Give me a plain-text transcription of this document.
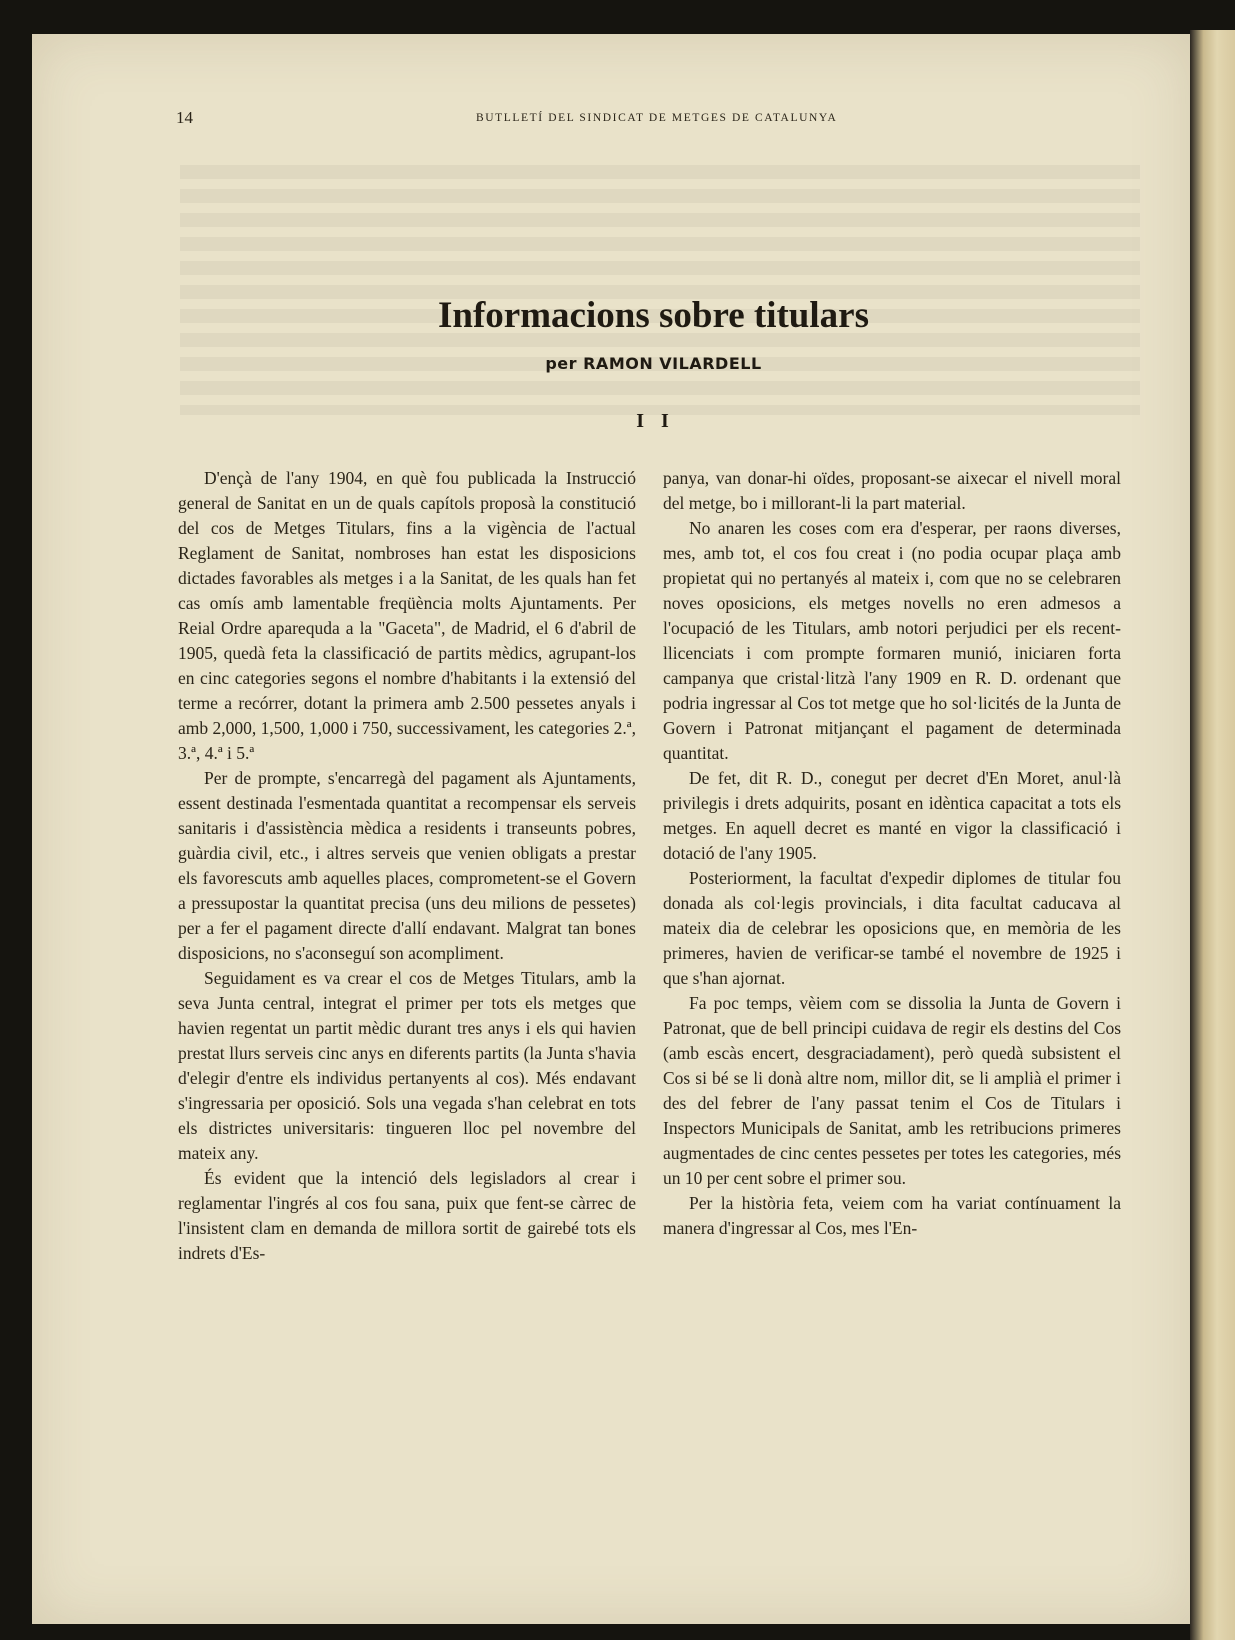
14	BUTLLETÍ DEL SINDICAT DE METGES DE CATALUNYA
Informacions sobre titulars
per RAMON VILARDELL
I I

D'ençà de l'any 1904, en què fou publicada la Instrucció general de Sanitat en un de quals capítols proposà la constitució del cos de Metges Titulars, fins a la vigència de l'actual Reglament de Sanitat, nombroses han estat les disposicions dictades favorables als metges i a la Sanitat, de les quals han fet cas omís amb lamentable freqüència molts Ajuntaments. Per Reial Ordre aparequda a la "Gaceta", de Madrid, el 6 d'abril de 1905, quedà feta la classificació de partits mèdics, agrupant-los en cinc categories segons el nombre d'habitants i la extensió del terme a recórrer, dotant la primera amb 2.500 pessetes anyals i amb 2,000, 1,500, 1,000 i 750, successivament, les categories 2.ª, 3.ª, 4.ª i 5.ª

Per de prompte, s'encarregà del pagament als Ajuntaments, essent destinada l'esmentada quantitat a recompensar els serveis sanitaris i d'assistència mèdica a residents i transeunts pobres, guàrdia civil, etc., i altres serveis que venien obligats a prestar els favorescuts amb aquelles places, comprometent-se el Govern a pressupostar la quantitat precisa (uns deu milions de pessetes) per a fer el pagament directe d'allí endavant. Malgrat tan bones disposicions, no s'aconseguí son acompliment.

Seguidament es va crear el cos de Metges Titulars, amb la seva Junta central, integrat el primer per tots els metges que havien regentat un partit mèdic durant tres anys i els qui havien prestat llurs serveis cinc anys en diferents partits (la Junta s'havia d'elegir d'entre els individus pertanyents al cos). Més endavant s'ingressaria per oposició. Sols una vegada s'han celebrat en tots els districtes universitaris: tingueren lloc pel novembre del mateix any.

És evident que la intenció dels legisladors al crear i reglamentar l'ingrés al cos fou sana, puix que fent-se càrrec de l'insistent clam en demanda de millora sortit de gairebé tots els indrets d'Es-

panya, van donar-hi oïdes, proposant-se aixecar el nivell moral del metge, bo i millorant-li la part material.

No anaren les coses com era d'esperar, per raons diverses, mes, amb tot, el cos fou creat i (no podia ocupar plaça amb propietat qui no pertanyés al mateix i, com que no se celebraren noves oposicions, els metges novells no eren admesos a l'ocupació de les Titulars, amb notori perjudici per els recent-llicenciats i com prompte formaren munió, iniciaren forta campanya que cristal·litzà l'any 1909 en R. D. ordenant que podria ingressar al Cos tot metge que ho sol·licités de la Junta de Govern i Patronat mitjançant el pagament de determinada quantitat.

De fet, dit R. D., conegut per decret d'En Moret, anul·là privilegis i drets adquirits, posant en idèntica capacitat a tots els metges. En aquell decret es manté en vigor la classificació i dotació de l'any 1905.

Posteriorment, la facultat d'expedir diplomes de titular fou donada als col·legis provincials, i dita facultat caducava al mateix dia de celebrar les oposicions que, en memòria de les primeres, havien de verificar-se també el novembre de 1925 i que s'han ajornat.

Fa poc temps, vèiem com se dissolia la Junta de Govern i Patronat, que de bell principi cuidava de regir els destins del Cos (amb escàs encert, desgraciadament), però quedà subsistent el Cos si bé se li donà altre nom, millor dit, se li amplià el primer i des del febrer de l'any passat tenim el Cos de Titulars i Inspectors Municipals de Sanitat, amb les retribucions primeres augmentades de cinc centes pessetes per totes les categories, més un 10 per cent sobre el primer sou.

Per la història feta, veiem com ha variat contínuament la manera d'ingressar al Cos, mes l'En-
